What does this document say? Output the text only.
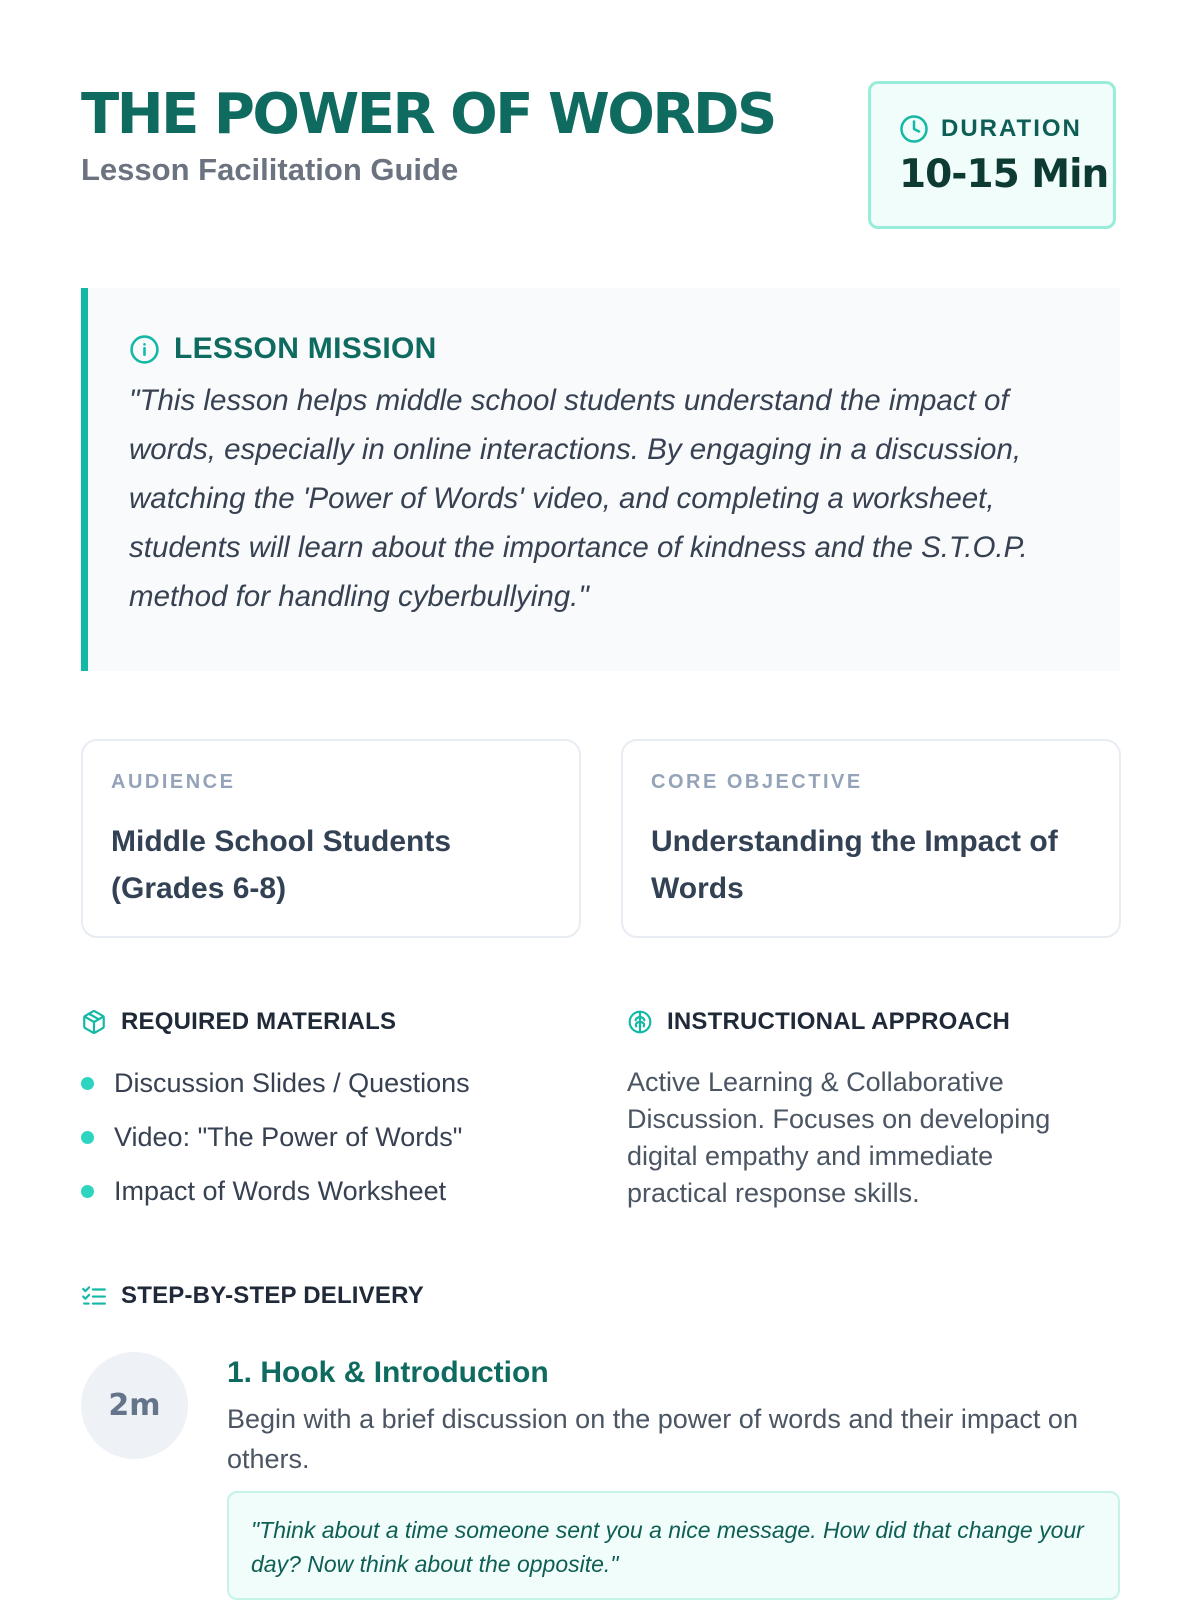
THE POWER OF WORDS
Lesson Facilitation Guide
DURATION
10-15 Min
LESSON MISSION
"This lesson helps middle school students understand the impact of words, especially in online interactions. By engaging in a discussion, watching the 'Power of Words' video, and completing a worksheet, students will learn about the importance of kindness and the S.T.O.P. method for handling cyberbullying."
AUDIENCE
Middle School Students (Grades 6-8)
CORE OBJECTIVE
Understanding the Impact of Words
REQUIRED MATERIALS
Discussion Slides / Questions
Video: "The Power of Words"
Impact of Words Worksheet
INSTRUCTIONAL APPROACH
Active Learning & Collaborative Discussion. Focuses on developing digital empathy and immediate practical response skills.
STEP-BY-STEP DELIVERY
2m
1. Hook & Introduction
Begin with a brief discussion on the power of words and their impact on others.
"Think about a time someone sent you a nice message. How did that change your day? Now think about the opposite."
